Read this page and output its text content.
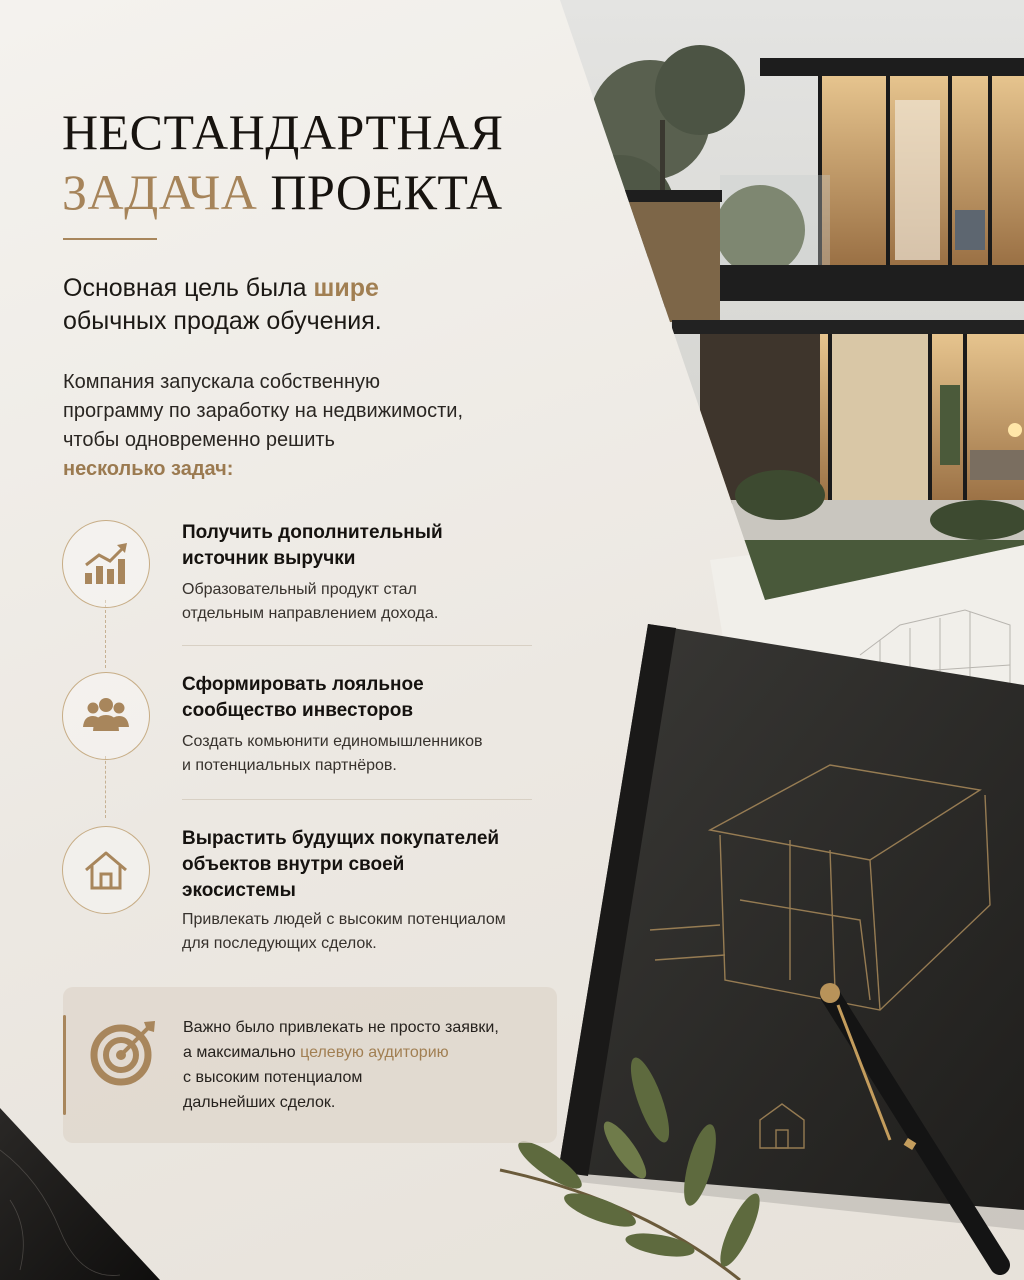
НЕСТАНДАРТНАЯ
ЗАДАЧА ПРОЕКТА

Основная цель была шире
обычных продаж обучения.

Компания запускала собственную
программу по заработку на недвижимости,
чтобы одновременно решить
несколько задач:

Получить дополнительный
источник выручки

Образовательный продукт стал
отдельным направлением дохода.

Сформировать лояльное
сообщество инвесторов

Создать комьюнити единомышленников
и потенциальных партнёров.

Вырастить будущих покупателей
объектов внутри своей
экосистемы

Привлекать людей с высоким потенциалом
для последующих сделок.

Важно было привлекать не просто заявки,
а максимально целевую аудиторию
с высоким потенциалом
дальнейших сделок.
